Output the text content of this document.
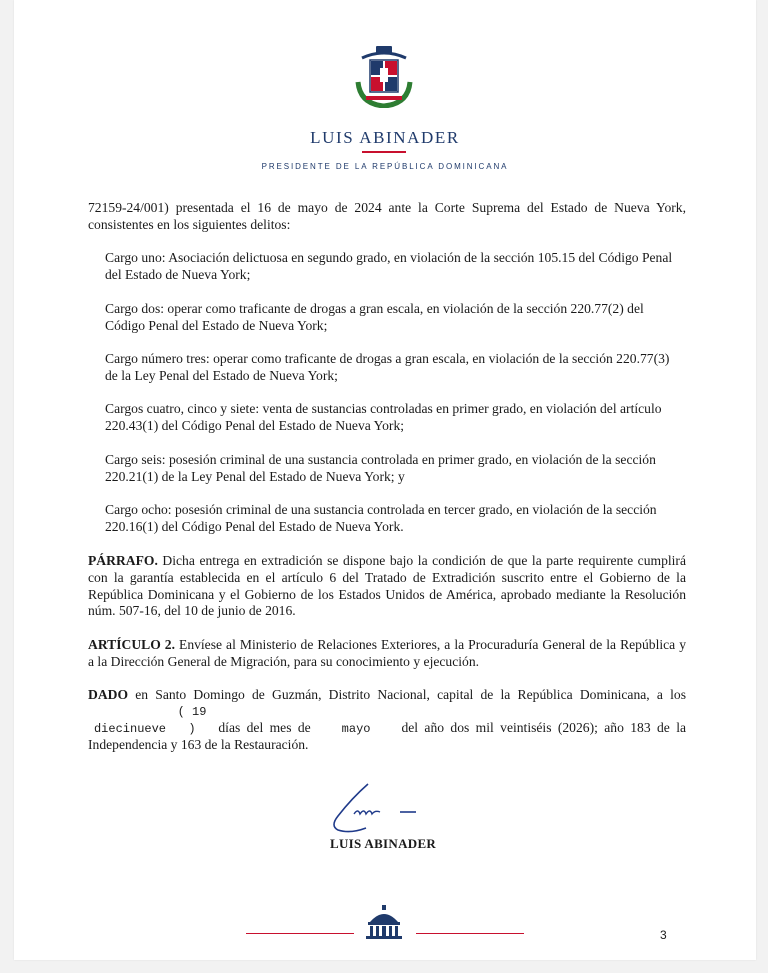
LUIS ABINADER
PRESIDENTE DE LA REPÚBLICA DOMINICANA
72159-24/001) presentada el 16 de mayo de 2024 ante la Corte Suprema del Estado de Nueva York, consistentes en los siguientes delitos:
Cargo uno: Asociación delictuosa en segundo grado, en violación de la sección 105.15 del Código Penal del Estado de Nueva York;
Cargo dos: operar como traficante de drogas a gran escala, en violación de la sección 220.77(2) del Código Penal del Estado de Nueva York;
Cargo número tres: operar como traficante de drogas a gran escala, en violación de la sección 220.77(3) de la Ley Penal del Estado de Nueva York;
Cargos cuatro, cinco y siete: venta de sustancias controladas en primer grado, en violación del artículo 220.43(1) del Código Penal del Estado de Nueva York;
Cargo seis: posesión criminal de una sustancia controlada en primer grado, en violación de la sección 220.21(1) de la Ley Penal del Estado de Nueva York; y
Cargo ocho: posesión criminal de una sustancia controlada en tercer grado, en violación de la sección 220.16(1) del Código Penal del Estado de Nueva York.
PÁRRAFO. Dicha entrega en extradición se dispone bajo la condición de que la parte requirente cumplirá con la garantía establecida en el artículo 6 del Tratado de Extradición suscrito entre el Gobierno de la República Dominicana y el Gobierno de los Estados Unidos de América, aprobado mediante la Resolución núm. 507-16, del 10 de junio de 2016.
ARTÍCULO 2. Envíese al Ministerio de Relaciones Exteriores, a la Procuraduría General de la República y a la Dirección General de Migración, para su conocimiento y ejecución.
DADO en Santo Domingo de Guzmán, Distrito Nacional, capital de la República Dominicana, a los diecinueve( 19 ) días del mes de	mayo del año dos mil veintiséis (2026); año 183 de la Independencia y 163 de la Restauración.
LUIS ABINADER
3
